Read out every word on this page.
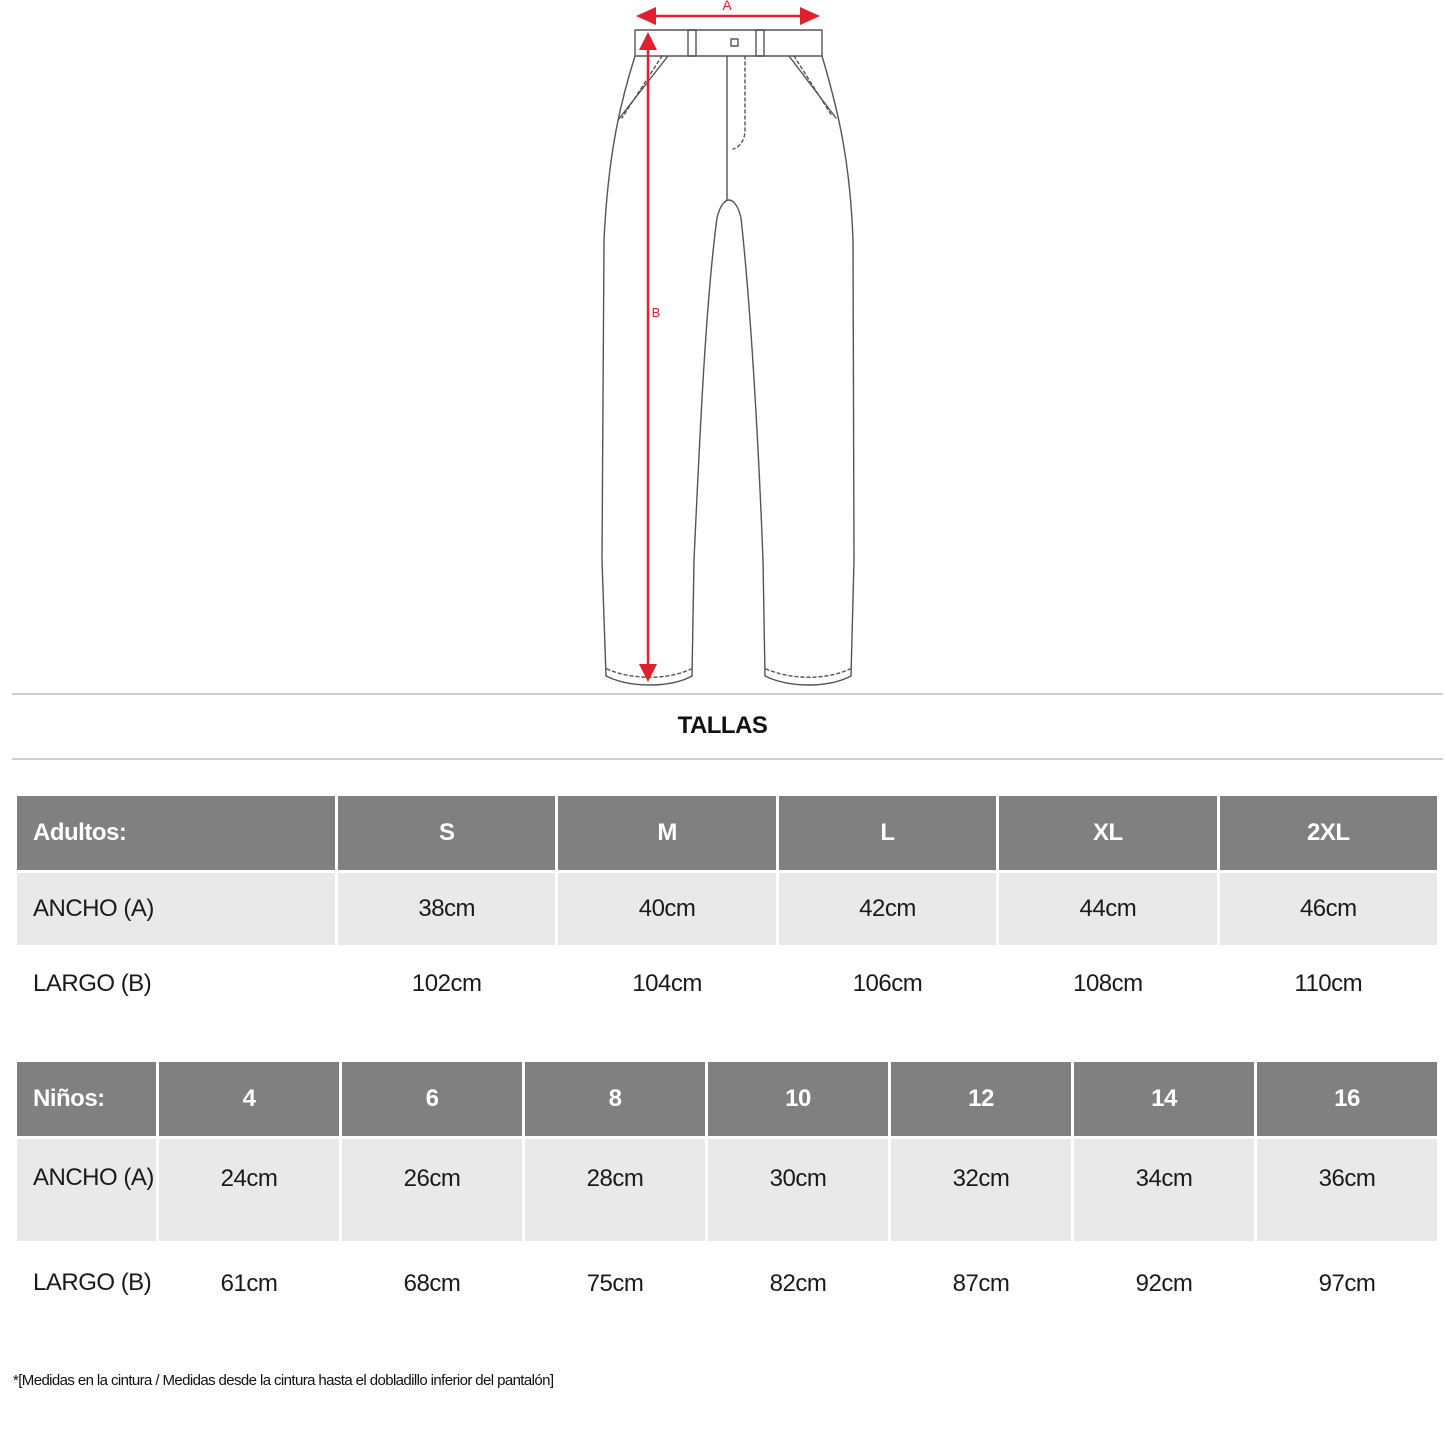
A
B
TALLAS
Adultos:	S	M	L	XL	2XL
ANCHO (A)	38cm	40cm	42cm	44cm	46cm
LARGO (B)	102cm	104cm	106cm	108cm	110cm
Niños:	4	6	8	10	12	14	16
ANCHO (A)	24cm	26cm	28cm	30cm	32cm	34cm	36cm
LARGO (B)	61cm	68cm	75cm	82cm	87cm	92cm	97cm
*[Medidas en la cintura / Medidas desde la cintura hasta el dobladillo inferior del pantalón]
